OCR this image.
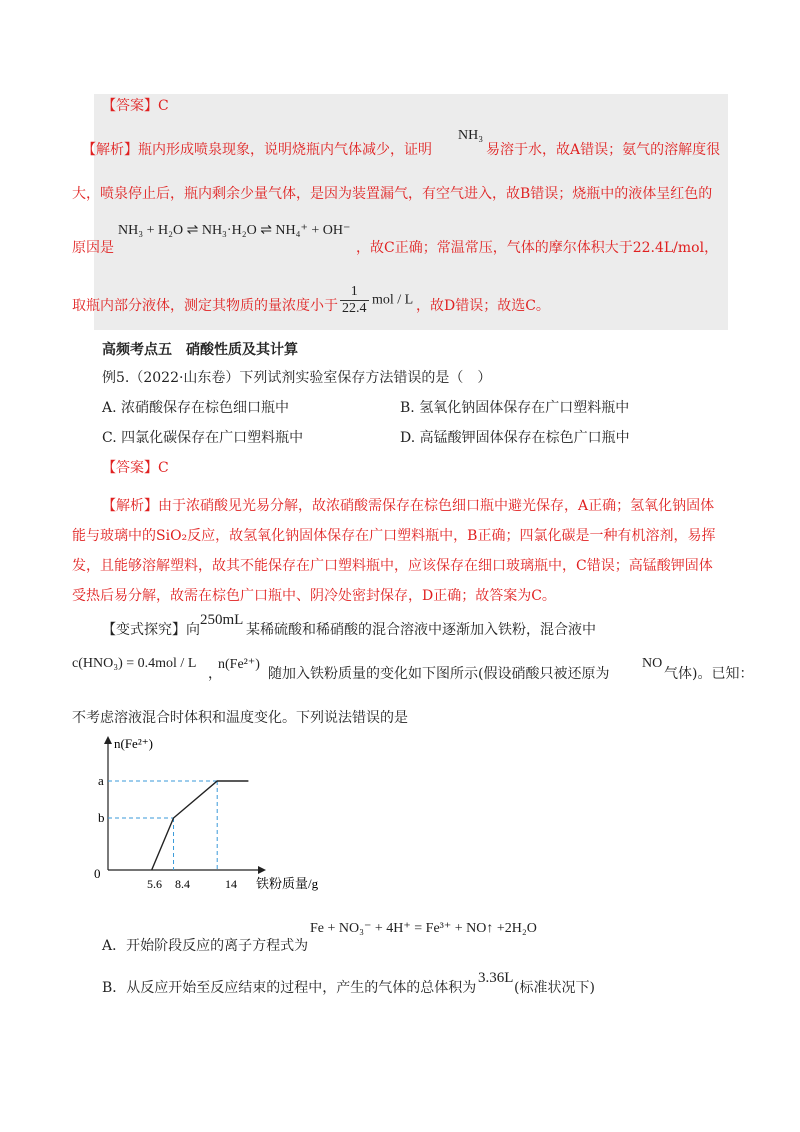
【答案】C
【解析】瓶内形成喷泉现象，说明烧瓶内气体减少，证明
NH₃
易溶于水，故A错误；氨气的溶解度很
大，喷泉停止后，瓶内剩余少量气体，是因为装置漏气，有空气进入，故B错误；烧瓶中的液体呈红色的
原因是
NH₃ + H₂O ⇌ NH₃·H₂O ⇌ NH₄⁺ + OH⁻
，故C正确；常温常压，气体的摩尔体积大于22.4L/mol，
取瓶内部分液体，测定其物质的量浓度小于 $\frac{1}{22.4}$ mol / L ，故D错误；故选C。
高频考点五　硝酸性质及其计算
例5.（2022·山东卷）下列试剂实验室保存方法错误的是（　）
A. 浓硝酸保存在棕色细口瓶中	B. 氢氧化钠固体保存在广口塑料瓶中
C. 四氯化碳保存在广口塑料瓶中	D. 高锰酸钾固体保存在棕色广口瓶中
【答案】C
【解析】由于浓硝酸见光易分解，故浓硝酸需保存在棕色细口瓶中避光保存，A正确；氢氧化钠固体
能与玻璃中的SiO₂反应，故氢氧化钠固体保存在广口塑料瓶中，B正确；四氯化碳是一种有机溶剂，易挥
发，且能够溶解塑料，故其不能保存在广口塑料瓶中，应该保存在细口玻璃瓶中，C错误；高锰酸钾固体
受热后易分解，故需在棕色广口瓶中、阴冷处密封保存，D正确；故答案为C。
【变式探究】向
250mL
某稀硫酸和稀硝酸的混合溶液中逐渐加入铁粉，混合液中
c(HNO₃) = 0.4mol / L
，
n(Fe²⁺)
随加入铁粉质量的变化如下图所示(假设硝酸只被还原为
NO
气体)。已知：
不考虑溶液混合时体积和温度变化。下列说法错误的是
n(Fe²⁺)
a
b
0
5.6 8.4	14 铁粉质量/g
A．开始阶段反应的离子方程式为
Fe + NO₃⁻ + 4H⁺ = Fe³⁺ + NO↑ +2H₂O
B．从反应开始至反应结束的过程中，产生的气体的总体积为
3.36L
(标准状况下)
